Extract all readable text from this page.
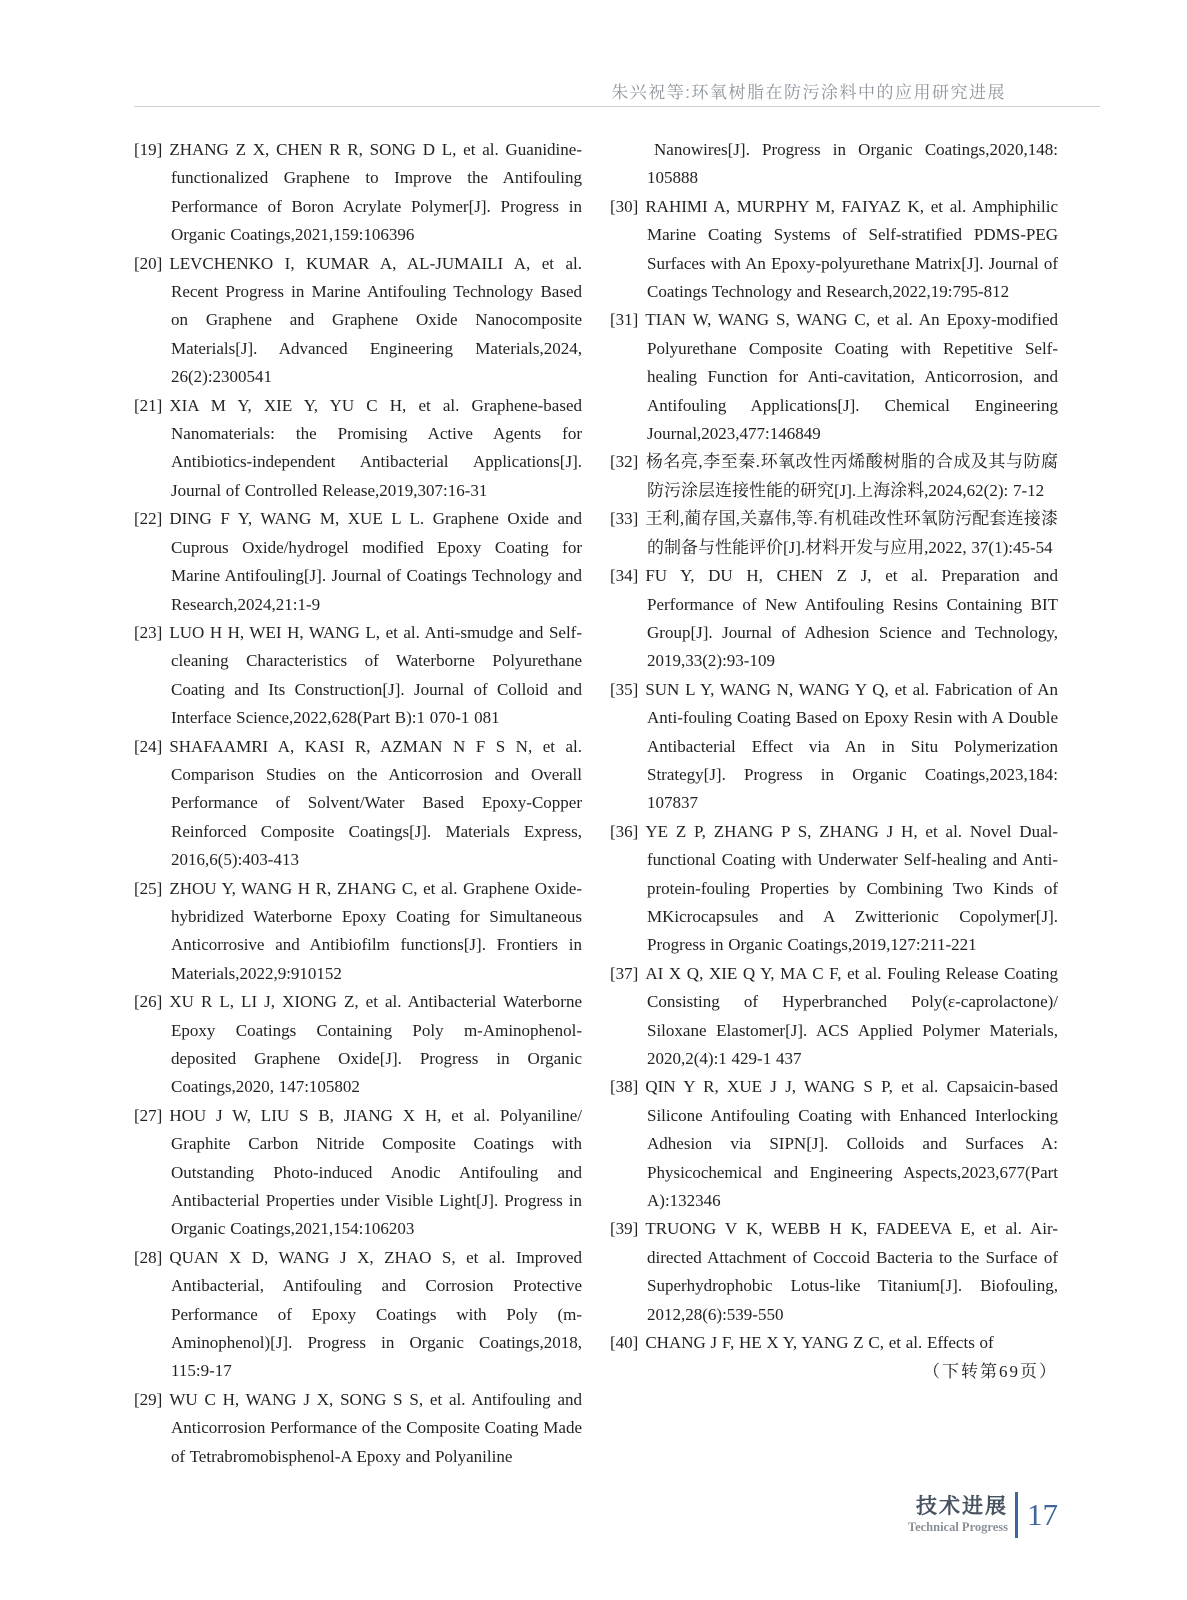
朱兴祝等:环氧树脂在防污涂料中的应用研究进展

[19] ZHANG Z X, CHEN R R, SONG D L, et al. Guanidine-functionalized Graphene to Improve the Antifouling Performance of Boron Acrylate Polymer[J]. Progress in Organic Coatings,2021,159:106396

[20] LEVCHENKO I, KUMAR A, AL-JUMAILI A, et al. Recent Progress in Marine Antifouling Technology Based on Graphene and Graphene Oxide Nanocomposite Materials[J]. Advanced Engineering Materials,2024, 26(2):2300541

[21] XIA M Y, XIE Y, YU C H, et al. Graphene-based Nanomaterials: the Promising Active Agents for Antibiotics-independent Antibacterial Applications[J]. Journal of Controlled Release,2019,307:16-31

[22] DING F Y, WANG M, XUE L L. Graphene Oxide and Cuprous Oxide/hydrogel modified Epoxy Coating for Marine Antifouling[J]. Journal of Coatings Technology and Research,2024,21:1-9

[23] LUO H H, WEI H, WANG L, et al. Anti-smudge and Self-cleaning Characteristics of Waterborne Polyurethane Coating and Its Construction[J]. Journal of Colloid and Interface Science,2022,628(Part B):1 070-1 081

[24] SHAFAAMRI A, KASI R, AZMAN N F S N, et al. Comparison Studies on the Anticorrosion and Overall Performance of Solvent/Water Based Epoxy-Copper Reinforced Composite Coatings[J]. Materials Express, 2016,6(5):403-413

[25] ZHOU Y, WANG H R, ZHANG C, et al. Graphene Oxide-hybridized Waterborne Epoxy Coating for Simultaneous Anticorrosive and Antibiofilm functions[J]. Frontiers in Materials,2022,9:910152

[26] XU R L, LI J, XIONG Z, et al. Antibacterial Waterborne Epoxy Coatings Containing Poly m-Aminophenol-deposited Graphene Oxide[J]. Progress in Organic Coatings,2020, 147:105802

[27] HOU J W, LIU S B, JIANG X H, et al. Polyaniline/ Graphite Carbon Nitride Composite Coatings with Outstanding Photo-induced Anodic Antifouling and Antibacterial Properties under Visible Light[J]. Progress in Organic Coatings,2021,154:106203

[28] QUAN X D, WANG J X, ZHAO S, et al. Improved Antibacterial, Antifouling and Corrosion Protective Performance of Epoxy Coatings with Poly (m-Aminophenol)[J]. Progress in Organic Coatings,2018, 115:9-17

[29] WU C H, WANG J X, SONG S S, et al. Antifouling and Anticorrosion Performance of the Composite Coating Made of Tetrabromobisphenol-A Epoxy and Polyaniline

Nanowires[J]. Progress in Organic Coatings,2020,148: 105888

[30] RAHIMI A, MURPHY M, FAIYAZ K, et al. Amphiphilic Marine Coating Systems of Self-stratified PDMS-PEG Surfaces with An Epoxy-polyurethane Matrix[J]. Journal of Coatings Technology and Research,2022,19:795-812

[31] TIAN W, WANG S, WANG C, et al. An Epoxy-modified Polyurethane Composite Coating with Repetitive Self-healing Function for Anti-cavitation, Anticorrosion, and Antifouling Applications[J]. Chemical Engineering Journal,2023,477:146849

[32] 杨名亮,李至秦.环氧改性丙烯酸树脂的合成及其与防腐防污涂层连接性能的研究[J].上海涂料,2024,62(2): 7-12

[33] 王利,蔺存国,关嘉伟,等.有机硅改性环氧防污配套连接漆的制备与性能评价[J].材料开发与应用,2022, 37(1):45-54

[34] FU Y, DU H, CHEN Z J, et al. Preparation and Performance of New Antifouling Resins Containing BIT Group[J]. Journal of Adhesion Science and Technology, 2019,33(2):93-109

[35] SUN L Y, WANG N, WANG Y Q, et al. Fabrication of An Anti-fouling Coating Based on Epoxy Resin with A Double Antibacterial Effect via An in Situ Polymerization Strategy[J]. Progress in Organic Coatings,2023,184: 107837

[36] YE Z P, ZHANG P S, ZHANG J H, et al. Novel Dual-functional Coating with Underwater Self-healing and Anti-protein-fouling Properties by Combining Two Kinds of MKicrocapsules and A Zwitterionic Copolymer[J]. Progress in Organic Coatings,2019,127:211-221

[37] AI X Q, XIE Q Y, MA C F, et al. Fouling Release Coating Consisting of Hyperbranched Poly(ε-caprolactone)/ Siloxane Elastomer[J]. ACS Applied Polymer Materials, 2020,2(4):1 429-1 437

[38] QIN Y R, XUE J J, WANG S P, et al. Capsaicin-based Silicone Antifouling Coating with Enhanced Interlocking Adhesion via SIPN[J]. Colloids and Surfaces A: Physicochemical and Engineering Aspects,2023,677(Part A):132346

[39] TRUONG V K, WEBB H K, FADEEVA E, et al. Air-directed Attachment of Coccoid Bacteria to the Surface of Superhydrophobic Lotus-like Titanium[J]. Biofouling, 2012,28(6):539-550

[40] CHANG J F, HE X Y, YANG Z C, et al. Effects of

（下转第69页）

技术进展
Technical Progress 17
